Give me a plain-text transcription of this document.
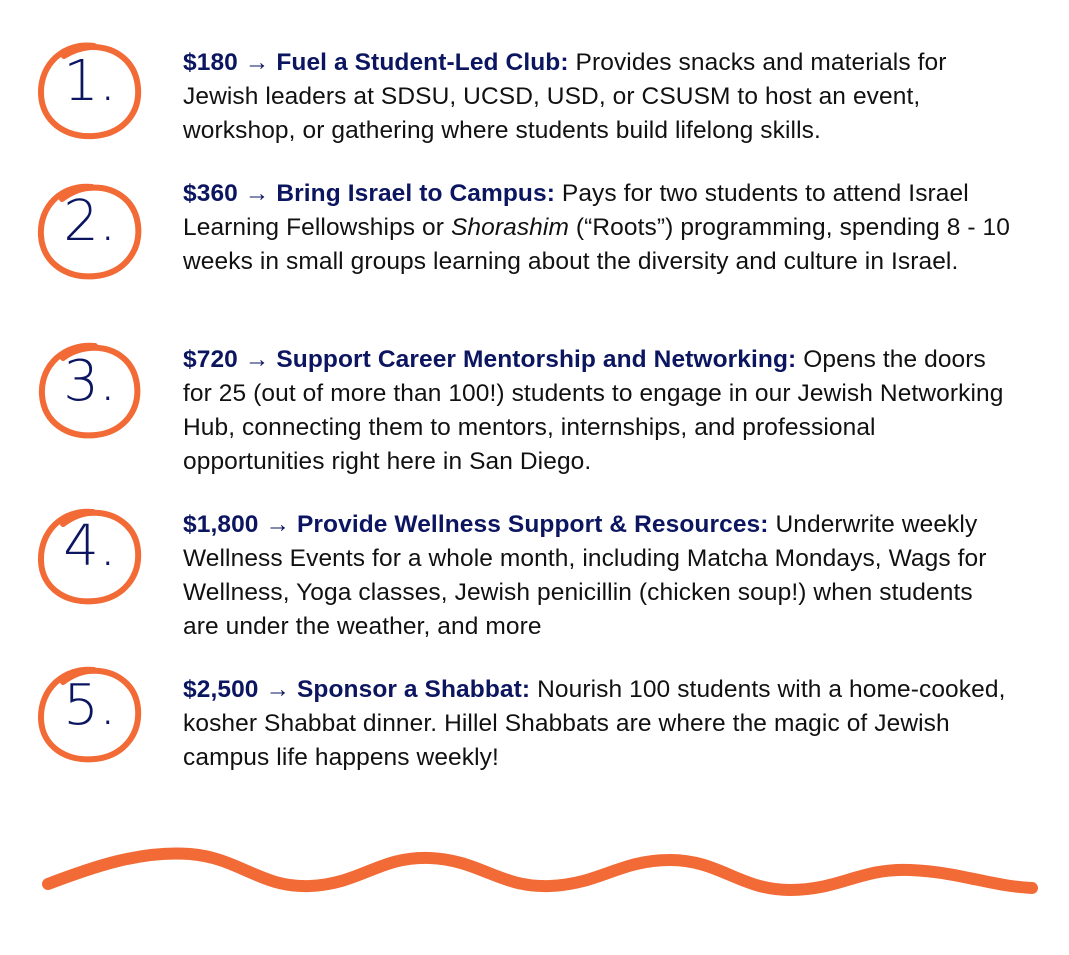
1.	$180 → Fuel a Student-Led Club: Provides snacks and materials for Jewish leaders at SDSU, UCSD, USD, or CSUSM to host an event, workshop, or gathering where students build lifelong skills.
2.	$360 → Bring Israel to Campus: Pays for two students to attend Israel Learning Fellowships or Shorashim (“Roots”) programming, spending 8 - 10 weeks in small groups learning about the diversity and culture in Israel.
3.	$720 → Support Career Mentorship and Networking: Opens the doors for 25 (out of more than 100!) students to engage in our Jewish Networking Hub, connecting them to mentors, internships, and professional opportunities right here in San Diego.
4.	$1,800 → Provide Wellness Support & Resources: Underwrite weekly Wellness Events for a whole month, including Matcha Mondays, Wags for Wellness, Yoga classes, Jewish penicillin (chicken soup!) when students are under the weather, and more
5.	$2,500 → Sponsor a Shabbat: Nourish 100 students with a home-cooked, kosher Shabbat dinner. Hillel Shabbats are where the magic of Jewish campus life happens weekly!
